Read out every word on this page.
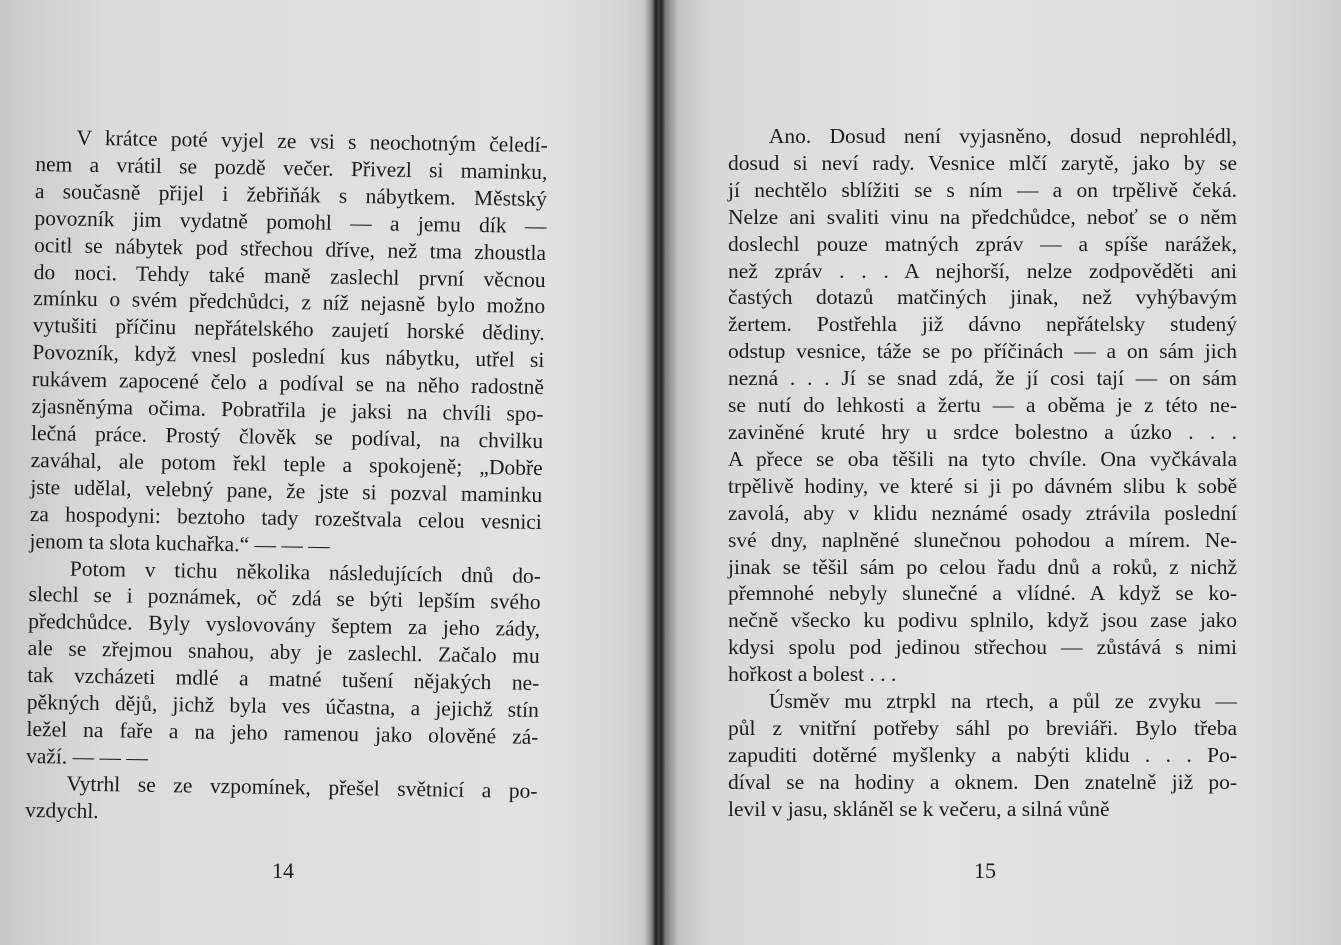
V krátce poté vyjel ze vsi s neochotným čeledí-
nem a vrátil se pozdě večer. Přivezl si maminku,
a současně přijel i žebřiňák s nábytkem. Městský
povozník jim vydatně pomohl — a jemu dík —
ocitl se nábytek pod střechou dříve, než tma zhoustla
do noci. Tehdy také maně zaslechl první věcnou
zmínku o svém předchůdci, z níž nejasně bylo možno
vytušiti příčinu nepřátelského zaujetí horské dědiny.
Povozník, když vnesl poslední kus nábytku, utřel si
rukávem zapocené čelo a podíval se na něho radostně
zjasněnýma očima. Pobratřila je jaksi na chvíli spo-
lečná práce. Prostý člověk se podíval, na chvilku
zaváhal, ale potom řekl teple a spokojeně; „Dobře
jste udělal, velebný pane, že jste si pozval maminku
za hospodyni: beztoho tady rozeštvala celou vesnici
jenom ta slota kuchařka.“ — — —
Potom v tichu několika následujících dnů do-
slechl se i poznámek, oč zdá se býti lepším svého
předchůdce. Byly vyslovovány šeptem za jeho zády,
ale se zřejmou snahou, aby je zaslechl. Začalo mu
tak vzcházeti mdlé a matné tušení nějakých ne-
pěkných dějů, jichž byla ves účastna, a jejichž stín
ležel na faře a na jeho ramenou jako olověné zá-
važí. — — —
Vytrhl se ze vzpomínek, přešel světnicí a po-
vzdychl.
14
Ano. Dosud není vyjasněno, dosud neprohlédl,
dosud si neví rady. Vesnice mlčí zarytě, jako by se
jí nechtělo sblížiti se s ním — a on trpělivě čeká.
Nelze ani svaliti vinu na předchůdce, neboť se o něm
doslechl pouze matných zpráv — a spíše narážek,
než zpráv . . . A nejhorší, nelze zodpověděti ani
častých dotazů matčiných jinak, než vyhýbavým
žertem. Postřehla již dávno nepřátelsky studený
odstup vesnice, táže se po příčinách — a on sám jich
nezná . . . Jí se snad zdá, že jí cosi tají — on sám
se nutí do lehkosti a žertu — a oběma je z této ne-
zaviněné kruté hry u srdce bolestno a úzko . . .
A přece se oba těšili na tyto chvíle. Ona vyčkávala
trpělivě hodiny, ve které si ji po dávném slibu k sobě
zavolá, aby v klidu neznámé osady ztrávila poslední
své dny, naplněné slunečnou pohodou a mírem. Ne-
jinak se těšil sám po celou řadu dnů a roků, z nichž
přemnohé nebyly slunečné a vlídné. A když se ko-
nečně všecko ku podivu splnilo, když jsou zase jako
kdysi spolu pod jedinou střechou — zůstává s nimi
hořkost a bolest . . .
Úsměv mu ztrpkl na rtech, a půl ze zvyku —
půl z vnitřní potřeby sáhl po breviáři. Bylo třeba
zapuditi dotěrné myšlenky a nabýti klidu . . . Po-
díval se na hodiny a oknem. Den znatelně již po-
levil v jasu, skláněl se k večeru, a silná vůně
15
